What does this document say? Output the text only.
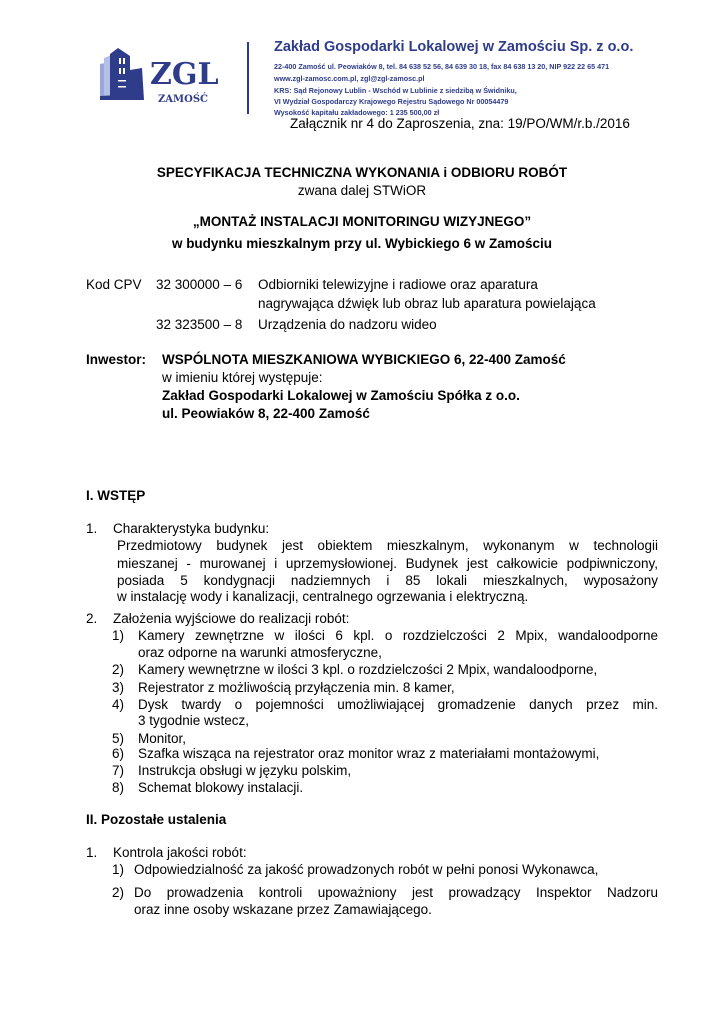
ZGL
ZAMOŚĆ
Zakład Gospodarki Lokalowej w Zamościu Sp. z o.o.
22-400 Zamość ul. Peowiaków 8, tel. 84 638 52 56, 84 639 30 18, fax 84 638 13 20, NIP 922 22 65 471
www.zgl-zamosc.com.pl, zgl@zgl-zamosc.pl
KRS: Sąd Rejonowy Lublin - Wschód w Lublinie z siedzibą w Świdniku,
VI Wydział Gospodarczy Krajowego Rejestru Sądowego Nr 00054479
Wysokość kapitału zakładowego: 1 235 500,00 zł
Załącznik nr 4 do Zaproszenia, zna: 19/PO/WM/r.b./2016
SPECYFIKACJA TECHNICZNA WYKONANIA i ODBIORU ROBÓT
zwana dalej STWiOR
„MONTAŻ INSTALACJI MONITORINGU WIZYJNEGO”
w budynku mieszkalnym przy ul. Wybickiego 6 w Zamościu
Kod CPV 32 300000 – 6 Odbiorniki telewizyjne i radiowe oraz aparatura
nagrywająca dźwięk lub obraz lub aparatura powielająca
32 323500 – 8 Urządzenia do nadzoru wideo
Inwestor: WSPÓLNOTA MIESZKANIOWA WYBICKIEGO 6, 22-400 Zamość
w imieniu której występuje:
Zakład Gospodarki Lokalowej w Zamościu Spółka z o.o.
ul. Peowiaków 8, 22-400 Zamość
I. WSTĘP
1. Charakterystyka budynku:
Przedmiotowy budynek jest obiektem mieszkalnym, wykonanym w technologii
mieszanej - murowanej i uprzemysłowionej. Budynek jest całkowicie podpiwniczony,
posiada 5 kondygnacji nadziemnych i 85 lokali mieszkalnych, wyposażony
w instalację wody i kanalizacji, centralnego ogrzewania i elektryczną.
2. Założenia wyjściowe do realizacji robót:
1) Kamery zewnętrzne w ilości 6 kpl. o rozdzielczości 2 Mpix, wandaloodporne
oraz odporne na warunki atmosferyczne,
2) Kamery wewnętrzne w ilości 3 kpl. o rozdzielczości 2 Mpix, wandaloodporne,
3) Rejestrator z możliwością przyłączenia min. 8 kamer,
4) Dysk twardy o pojemności umożliwiającej gromadzenie danych przez min.
3 tygodnie wstecz,
5) Monitor,
6) Szafka wisząca na rejestrator oraz monitor wraz z materiałami montażowymi,
7) Instrukcja obsługi w języku polskim,
8) Schemat blokowy instalacji.
II. Pozostałe ustalenia
1. Kontrola jakości robót:
1) Odpowiedzialność za jakość prowadzonych robót w pełni ponosi Wykonawca,
2) Do prowadzenia kontroli upoważniony jest prowadzący Inspektor Nadzoru
oraz inne osoby wskazane przez Zamawiającego.
